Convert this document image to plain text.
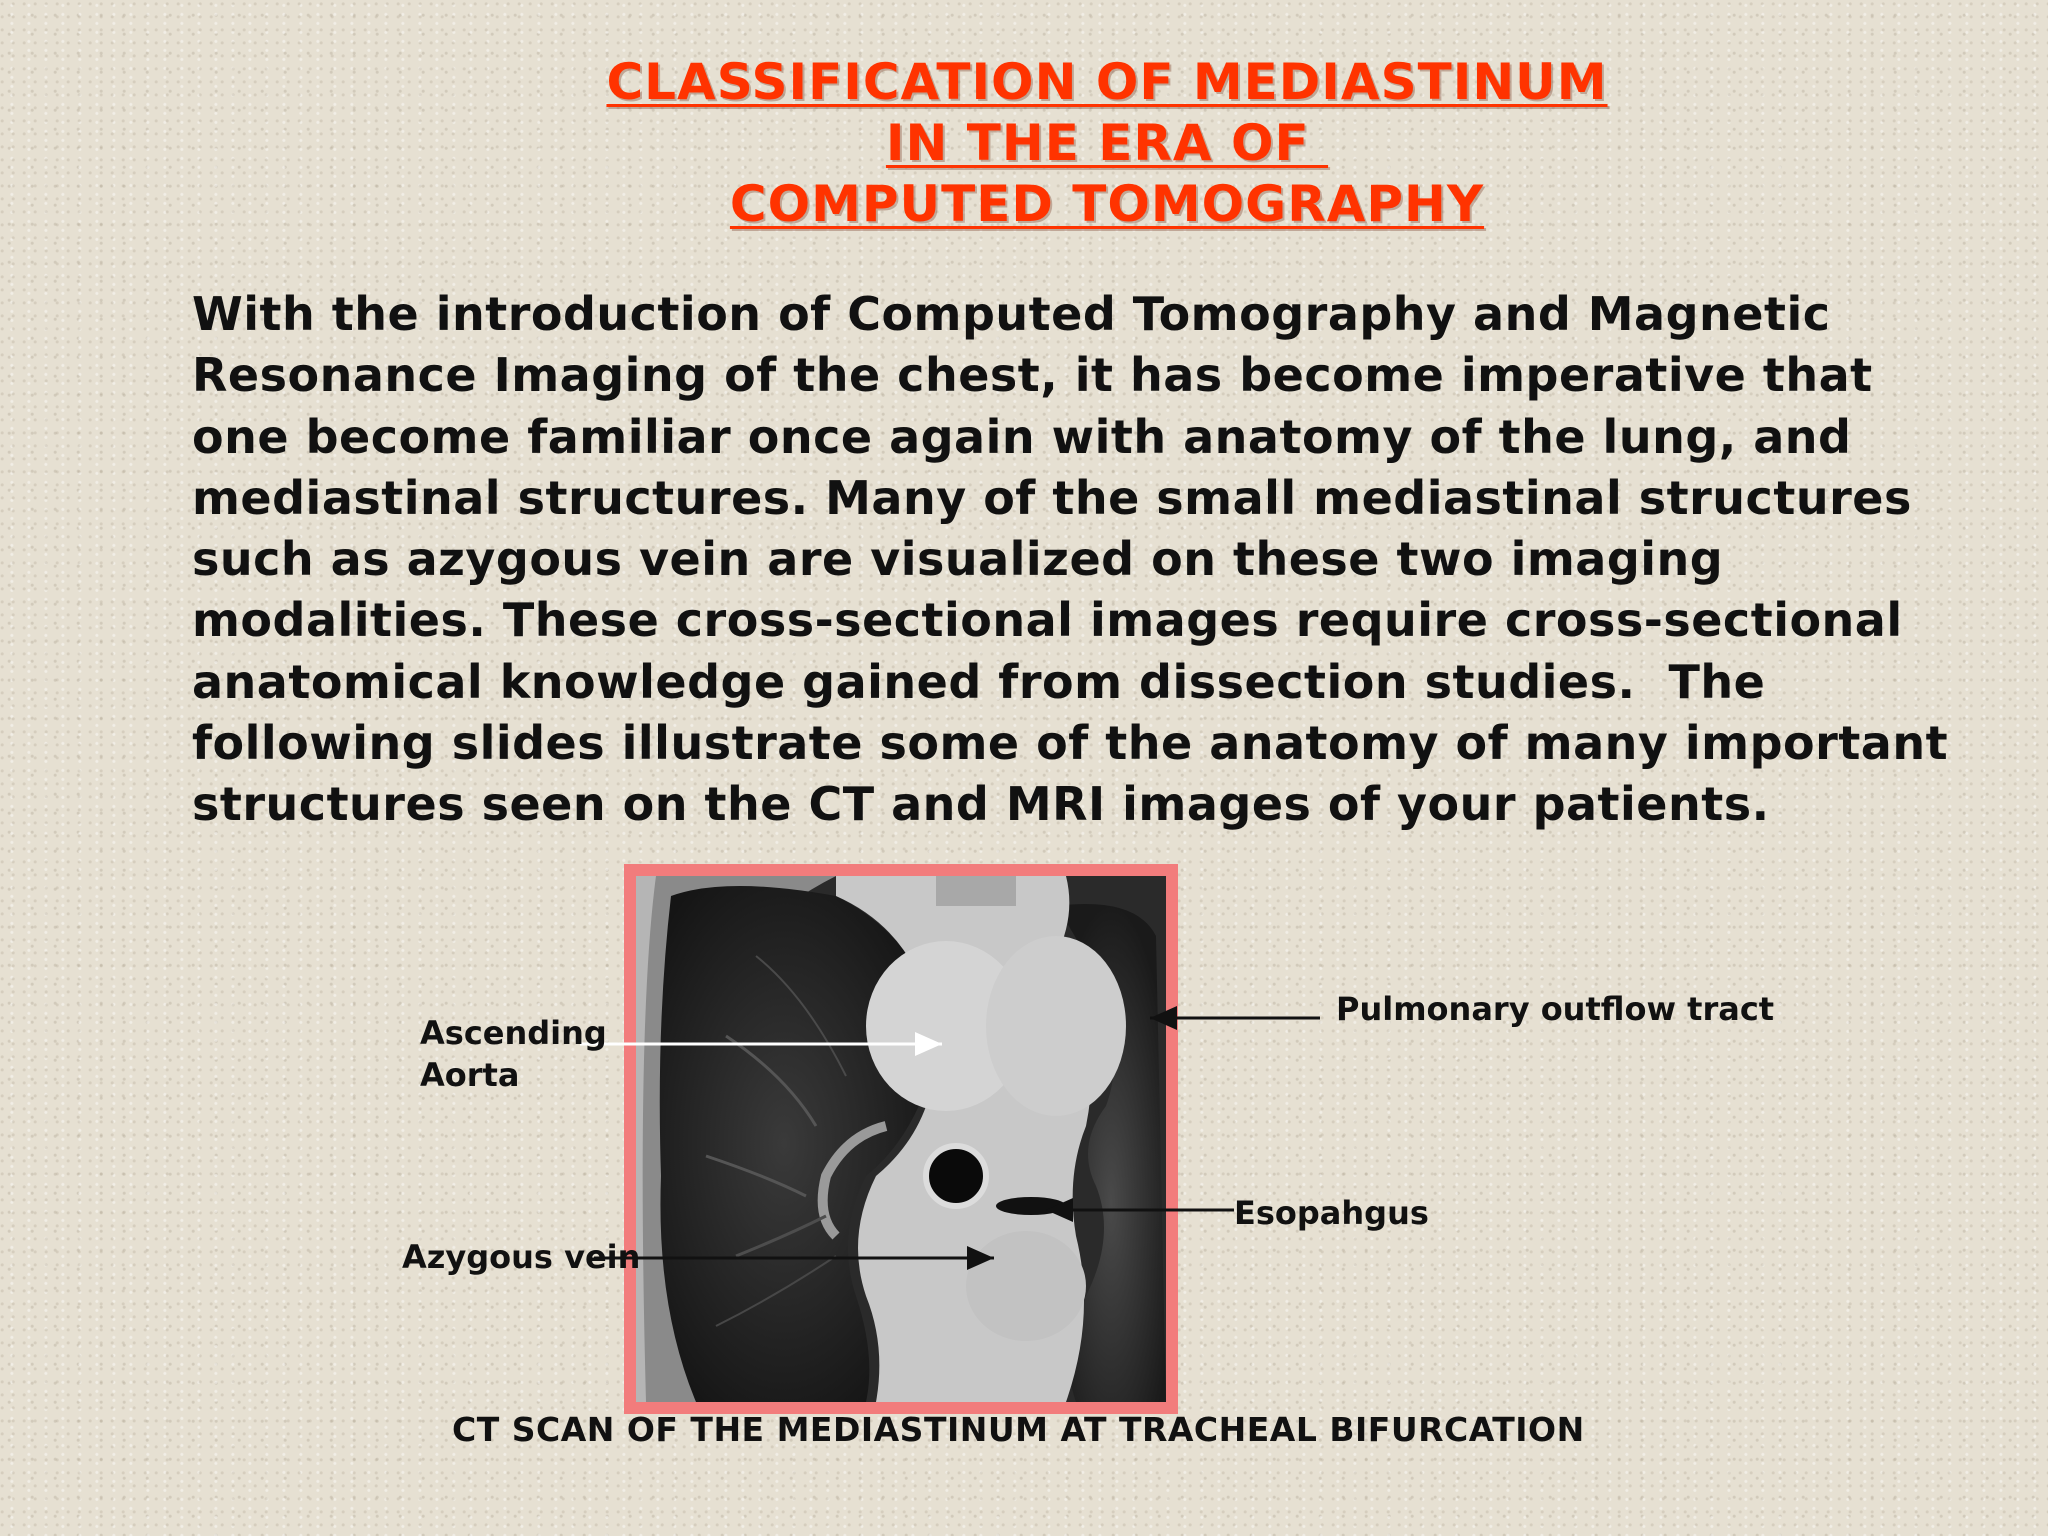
CLASSIFICATION OF MEDIASTINUM
IN THE ERA OF
COMPUTED TOMOGRAPHY
With the introduction of Computed Tomography and Magnetic
Resonance Imaging of the chest, it has become imperative that
one become familiar once again with anatomy of the lung, and
mediastinal structures. Many of the small mediastinal structures
such as azygous vein are visualized on these two imaging
modalities. These cross-sectional images require cross-sectional
anatomical knowledge gained from dissection studies.  The
following slides illustrate some of the anatomy of many important
structures seen on the CT and MRI images of your patients.
Ascending
Aorta
Pulmonary outflow tract
Esopahgus
Azygous vein
CT SCAN OF THE MEDIASTINUM AT TRACHEAL BIFURCATION
